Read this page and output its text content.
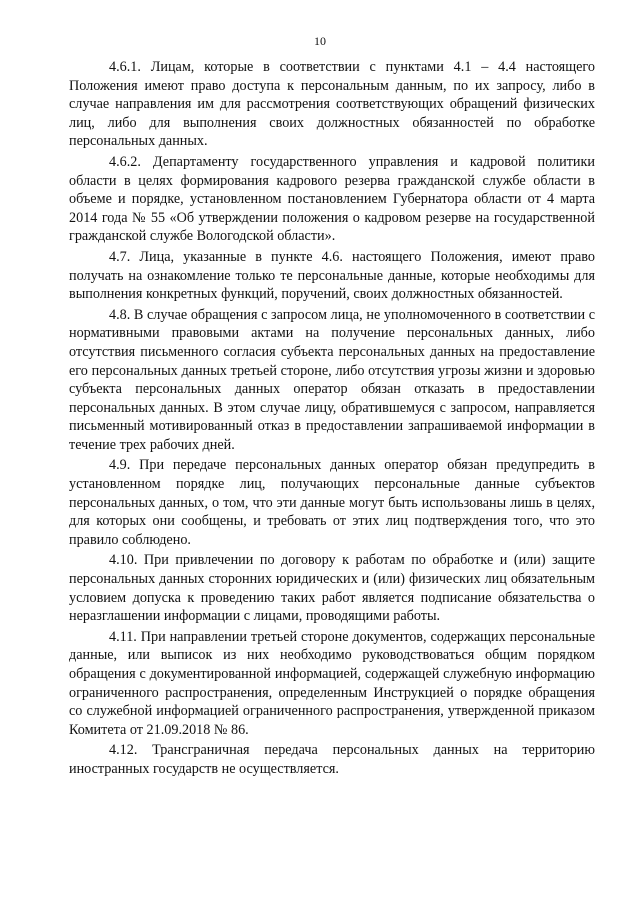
10

4.6.1. Лицам, которые в соответствии с пунктами 4.1 – 4.4 настоящего Положения имеют право доступа к персональным данным, по их запросу, либо в случае направления им для рассмотрения соответствующих обращений физических лиц, либо для выполнения своих должностных обязанностей по обработке персональных данных.

4.6.2. Департаменту государственного управления и кадровой политики области в целях формирования кадрового резерва гражданской службе области в объеме и порядке, установленном постановлением Губернатора области от 4 марта 2014 года № 55 «Об утверждении положения о кадровом резерве на государственной гражданской службе Вологодской области».

4.7. Лица, указанные в пункте 4.6. настоящего Положения, имеют право получать на ознакомление только те персональные данные, которые необходимы для выполнения конкретных функций, поручений, своих должностных обязанностей.

4.8. В случае обращения с запросом лица, не уполномоченного в соответствии с нормативными правовыми актами на получение персональных данных, либо отсутствия письменного согласия субъекта персональных данных на предоставление его персональных данных третьей стороне, либо отсутствия угрозы жизни и здоровью субъекта персональных данных оператор обязан отказать в предоставлении персональных данных. В этом случае лицу, обратившемуся с запросом, направляется письменный мотивированный отказ в предоставлении запрашиваемой информации в течение трех рабочих дней.

4.9. При передаче персональных данных оператор обязан предупредить в установленном порядке лиц, получающих персональные данные субъектов персональных данных, о том, что эти данные могут быть использованы лишь в целях, для которых они сообщены, и требовать от этих лиц подтверждения того, что это правило соблюдено.

4.10. При привлечении по договору к работам по обработке и (или) защите персональных данных сторонних юридических и (или) физических лиц обязательным условием допуска к проведению таких работ является подписание обязательства о неразглашении информации с лицами, проводящими работы.

4.11. При направлении третьей стороне документов, содержащих персональные данные, или выписок из них необходимо руководствоваться общим порядком обращения с документированной информацией, содержащей служебную информацию ограниченного распространения, определенным Инструкцией о порядке обращения со служебной информацией ограниченного распространения, утвержденной приказом Комитета от 21.09.2018 № 86.

4.12. Трансграничная передача персональных данных на территорию иностранных государств не осуществляется.
